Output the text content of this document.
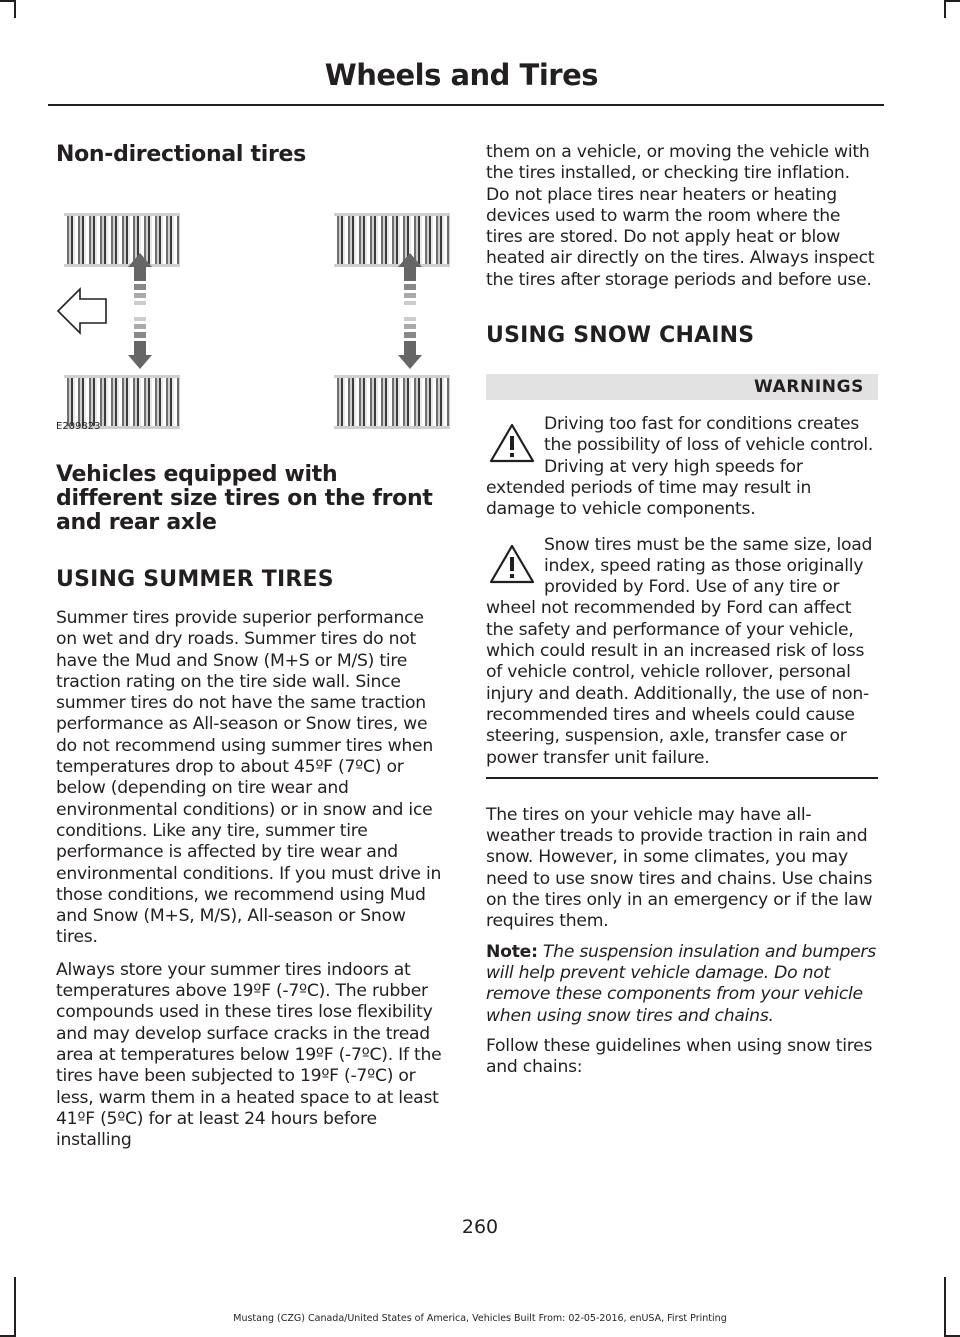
Wheels and Tires
Non-directional tires
E209823
Vehicles equipped with different size tires on the front and rear axle
USING SUMMER TIRES

Summer tires provide superior performance on wet and dry roads. Summer tires do not have the Mud and Snow (M+S or M/S) tire traction rating on the tire side wall. Since summer tires do not have the same traction performance as All-season or Snow tires, we do not recommend using summer tires when temperatures drop to about 45ºF (7ºC) or below (depending on tire wear and environmental conditions) or in snow and ice conditions. Like any tire, summer tire performance is affected by tire wear and environmental conditions. If you must drive in those conditions, we recommend using Mud and Snow (M+S, M/S), All-season or Snow tires.

Always store your summer tires indoors at temperatures above 19ºF (-7ºC). The rubber compounds used in these tires lose flexibility and may develop surface cracks in the tread area at temperatures below 19ºF (-7ºC). If the tires have been subjected to 19ºF (-7ºC) or less, warm them in a heated space to at least 41ºF (5ºC) for at least 24 hours before installing

them on a vehicle, or moving the vehicle with the tires installed, or checking tire inflation. Do not place tires near heaters or heating devices used to warm the room where the tires are stored. Do not apply heat or blow heated air directly on the tires. Always inspect the tires after storage periods and before use.

USING SNOW CHAINS
WARNINGS

Driving too fast for conditions creates the possibility of loss of vehicle control. Driving at very high speeds for extended periods of time may result in damage to vehicle components.

Snow tires must be the same size, load index, speed rating as those originally provided by Ford. Use of any tire or wheel not recommended by Ford can affect the safety and performance of your vehicle, which could result in an increased risk of loss of vehicle control, vehicle rollover, personal injury and death. Additionally, the use of non-recommended tires and wheels could cause steering, suspension, axle, transfer case or power transfer unit failure.

The tires on your vehicle may have all-weather treads to provide traction in rain and snow. However, in some climates, you may need to use snow tires and chains. Use chains on the tires only in an emergency or if the law requires them.

Note: The suspension insulation and bumpers will help prevent vehicle damage. Do not remove these components from your vehicle when using snow tires and chains.

Follow these guidelines when using snow tires and chains:

260
Mustang (CZG) Canada/United States of America, Vehicles Built From: 02-05-2016, enUSA, First Printing
